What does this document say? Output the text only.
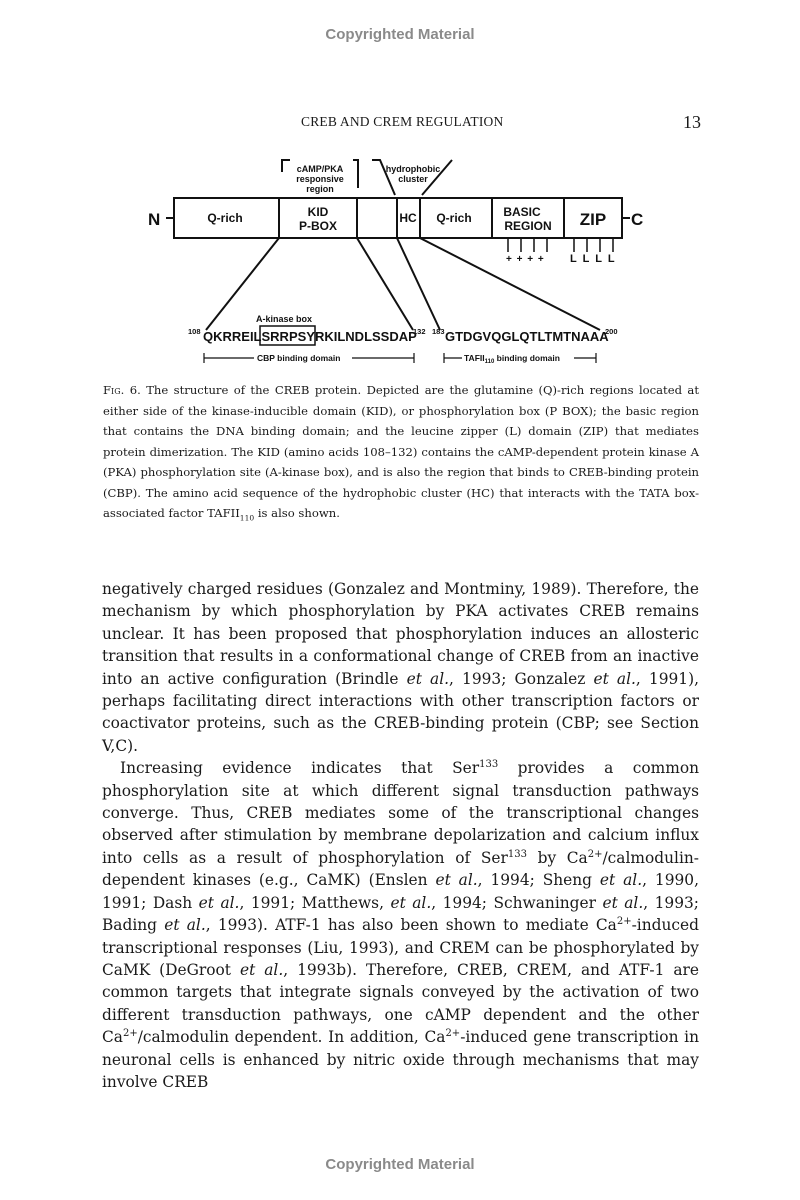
Copyrighted Material
CREB AND CREM REGULATION	13
cAMP/PKA
responsive
region
hydrophobic
cluster
N	C
Q-rich	KID
P-BOX
HC Q-rich	BASIC
REGION ZIP
+ + + + L  L  L  L
A-kinase box
108 QKRREILSRRPSYRKILNDLSSDAP
132 183 GTDGVQGLQTLTMTNAAA
200
CBP binding domain	$TAFII_{110}$ binding domain
Fig. 6. The structure of the CREB protein. Depicted are the glutamine (Q)-rich regions located at either side of the kinase-inducible domain (KID), or phosphorylation box (P BOX); the basic region that contains the DNA binding domain; and the leucine zipper (L) domain (ZIP) that mediates protein dimerization. The KID (amino acids 108–132) contains the cAMP-dependent protein kinase A (PKA) phosphorylation site (A-kinase box), and is also the region that binds to CREB-binding protein (CBP). The amino acid sequence of the hydrophobic cluster (HC) that interacts with the TATA box-associated factor $TAFII_{110}$ is also shown.

negatively charged residues (Gonzalez and Montminy, 1989). Therefore, the mechanism by which phosphorylation by PKA activates CREB remains unclear. It has been proposed that phosphorylation induces an allosteric transition that results in a conformational change of CREB from an inactive into an active configuration (Brindle et al., 1993; Gonzalez et al., 1991), perhaps facilitating direct interactions with other transcription factors or coactivator proteins, such as the CREB-binding protein (CBP; see Section V,C).

Increasing evidence indicates that Ser$^{133}$ provides a common phosphorylation site at which different signal transduction pathways converge. Thus, CREB mediates some of the transcriptional changes observed after stimulation by membrane depolarization and calcium influx into cells as a result of phosphorylation of Ser$^{133}$ by $Ca^{2+}/calmodulin$-dependent kinases (e.g., CaMK) (Enslen et al., 1994; Sheng et al., 1990, 1991; Dash et al., 1991; Matthews, et al., 1994; Schwaninger et al., 1993; Bading et al., 1993). ATF-1 has also been shown to mediate $Ca^{2+}$-induced transcriptional responses (Liu, 1993), and CREM can be phosphorylated by CaMK (DeGroot et al., 1993b). Therefore, CREB, CREM, and ATF-1 are common targets that integrate signals conveyed by the activation of two different transduction pathways, one cAMP dependent and the other $Ca^{2+}$/calmodulin dependent. In addition, $Ca^{2+}$-induced gene transcription in neuronal cells is enhanced by nitric oxide through mechanisms that may involve CREB

Copyrighted Material
